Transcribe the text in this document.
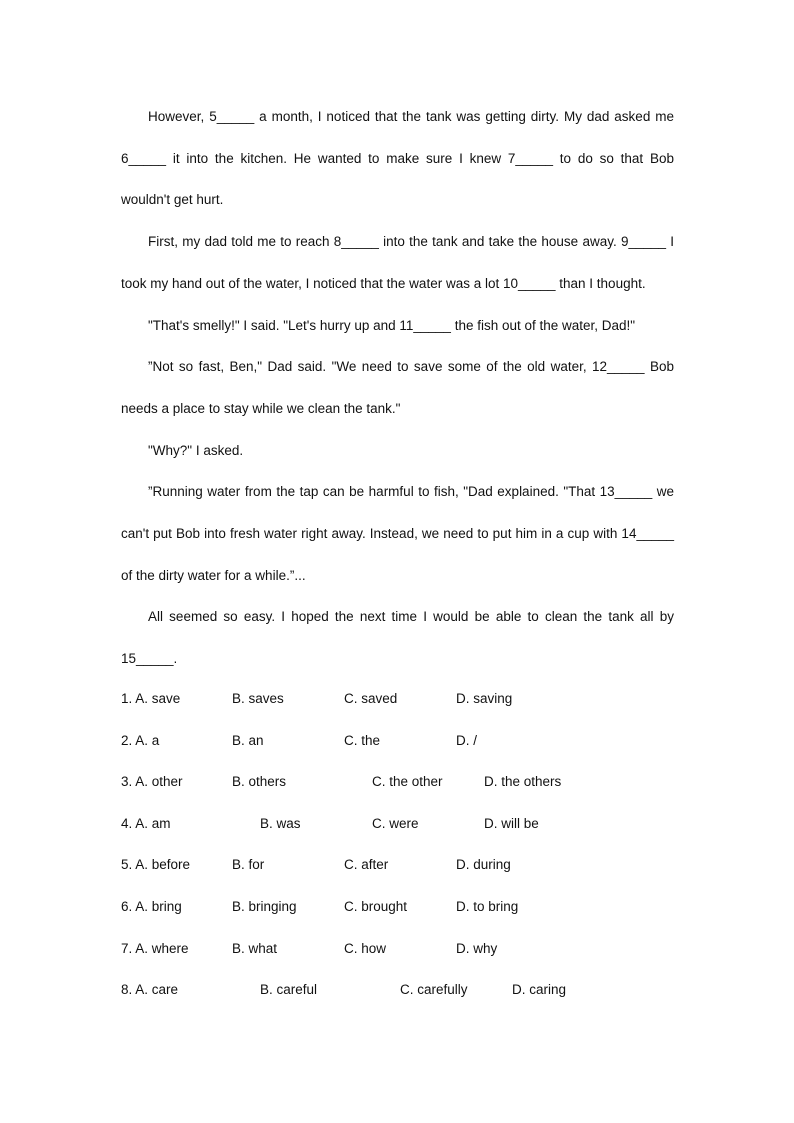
However, 5_____ a month, I noticed that the tank was getting dirty. My dad asked me 6_____ it into the kitchen. He wanted to make sure I knew 7_____ to do so that Bob wouldn't get hurt.

First, my dad told me to reach 8_____ into the tank and take the house away. 9_____ I took my hand out of the water, I noticed that the water was a lot 10_____ than I thought.

"That's smelly!" I said. "Let's hurry up and 11_____ the fish out of the water, Dad!"

”Not so fast, Ben," Dad said. "We need to save some of the old water, 12_____ Bob needs a place to stay while we clean the tank."

"Why?" I asked.

”Running water from the tap can be harmful to fish, "Dad explained. "That 13_____ we can't put Bob into fresh water right away. Instead, we need to put him in a cup with 14_____ of the dirty water for a while.”...

All seemed so easy. I hoped the next time I would be able to clean the tank all by 15_____.

1. A. save	B. saves	C. saved	D. saving
2. A. a	B. an	C. the	D. /
3. A. other	B. others	C. the other	D. the others
4. A. am	B. was	C. were	D. will be
5. A. before	B. for	C. after	D. during
6. A. bring	B. bringing	C. brought	D. to bring
7. A. where	B. what	C. how	D. why
8. A. care	B. careful	C. carefully	D. caring
